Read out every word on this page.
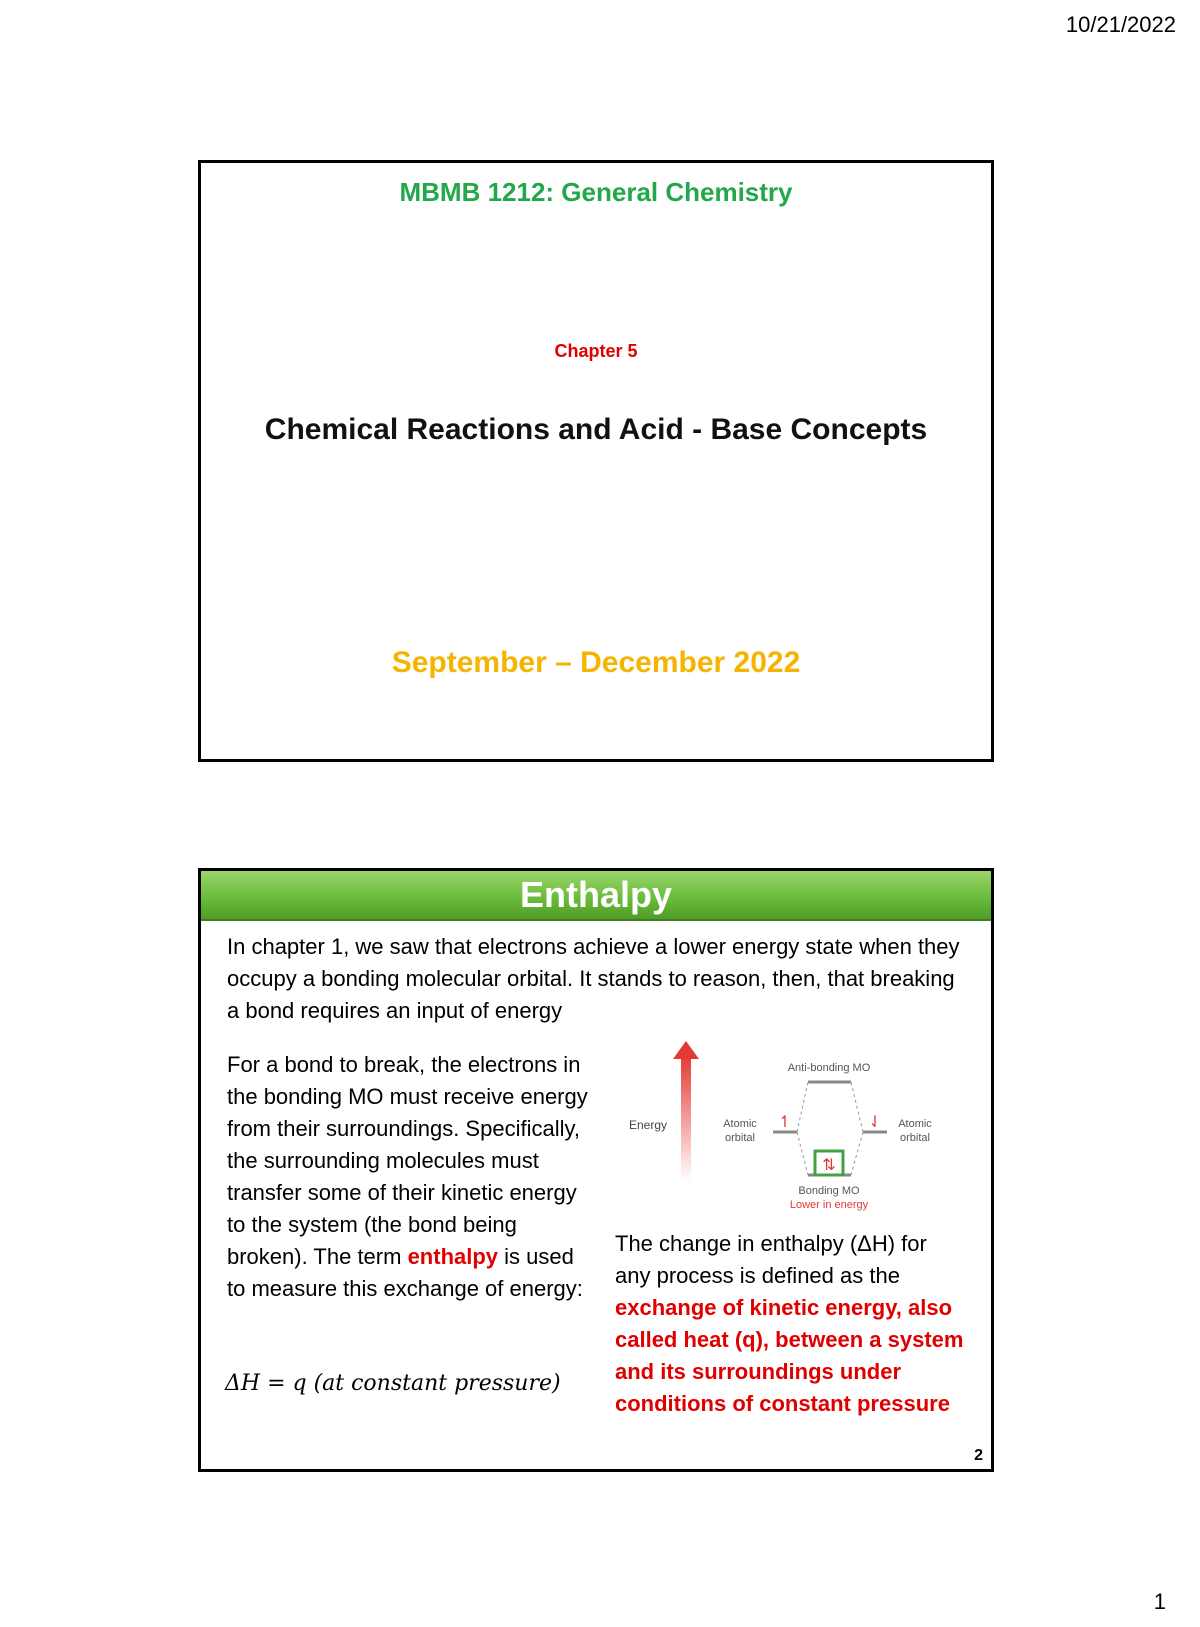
10/21/2022
MBMB 1212: General Chemistry
Chapter 5
Chemical Reactions and Acid - Base Concepts
September – December 2022
Enthalpy
In chapter 1, we saw that electrons achieve a lower energy state when they occupy a bonding molecular orbital. It stands to reason, then, that breaking a bond requires an input of energy
For a bond to break, the electrons in the bonding MO must receive energy from their surroundings. Specifically, the surrounding molecules must transfer some of their kinetic energy to the system (the bond being broken). The term enthalpy is used to measure this exchange of energy:
ΔH = q (at constant pressure)
Energy	↿	⇃
⇅
Anti-bonding MO
Atomic
orbital
Atomic
orbital
Bonding MO
Lower in energy
The change in enthalpy (ΔH) for any process is defined as the exchange of kinetic energy, also called heat (q), between a system and its surroundings under conditions of constant pressure
2
1
